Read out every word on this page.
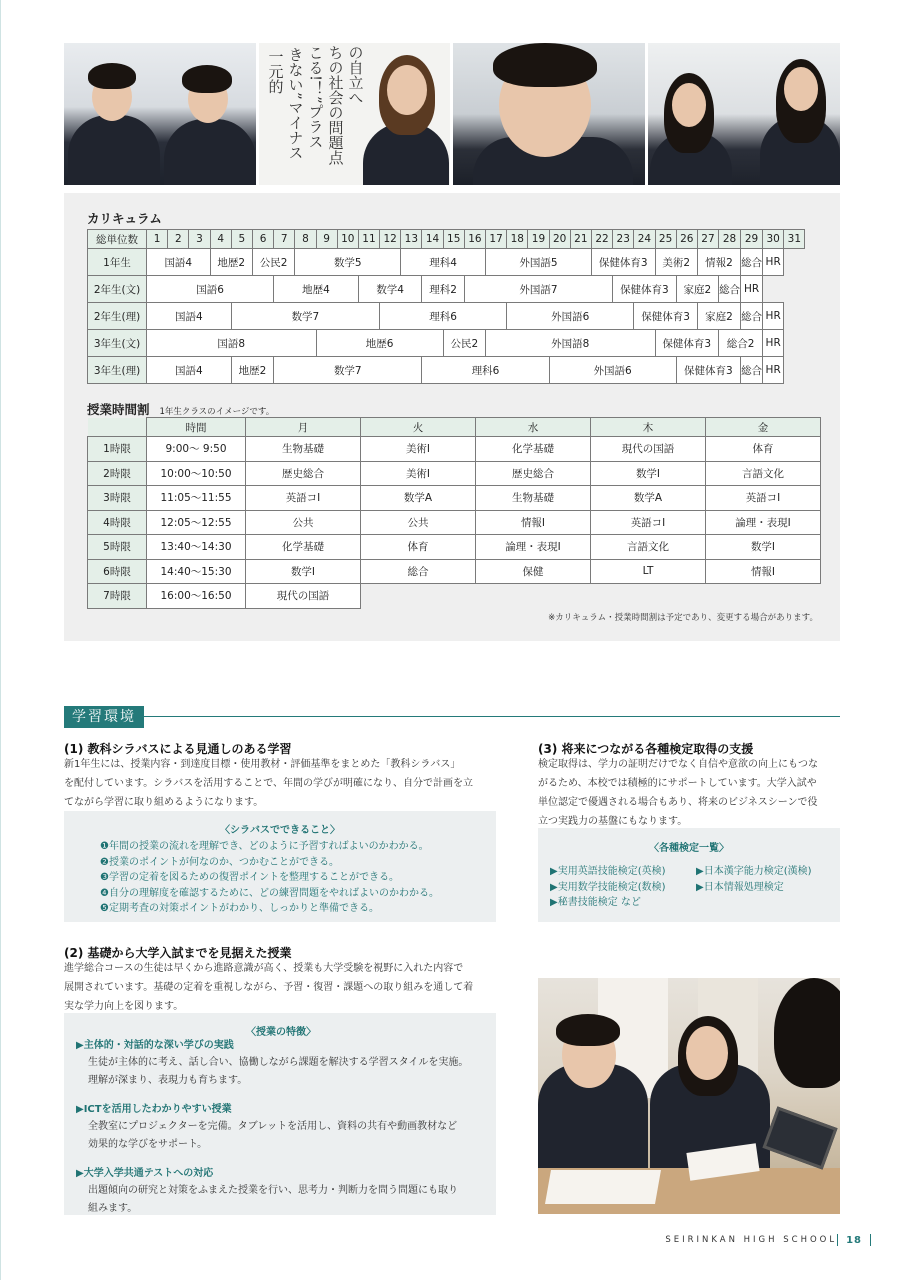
一元的 きない”マイナス こる!！”プラス ちの社会の問題点 の自立へ
カリキュラム
総単位数	1	2	3	4	5	6	7	8	9	10	11	12	13	14	15	16	17	18	19	20	21	22	23	24	25	26	27	28	29	30	31
1年生	国語4			地歴2		公民2		数学5					理科4				外国語5					保健体育3			美術2		情報2		総合	HR	
2年生(文)	国語6						地歴4				数学4			理科2		外国語7							保健体育3			家庭2		総合	HR		
2年生(理)	国語4				数学7							理科6						外国語6						保健体育3			家庭2		総合	HR	
3年生(文)	国語8								地歴6						公民2		外国語8								保健体育3			総合2		HR	
3年生(理)	国語4				地歴2		数学7							理科6						外国語6						保健体育3			総合	HR	
授業時間割 1年生クラスのイメージです。
	時間	月	火	水	木	金
1時限	9:00〜 9:50	生物基礎	美術Ⅰ	化学基礎	現代の国語	体育
2時限	10:00〜10:50	歴史総合	美術Ⅰ	歴史総合	数学Ⅰ	言語文化
3時限	11:05〜11:55	英語コⅠ	数学A	生物基礎	数学A	英語コⅠ
4時限	12:05〜12:55	公共	公共	情報Ⅰ	英語コⅠ	論理・表現Ⅰ
5時限	13:40〜14:30	化学基礎	体育	論理・表現Ⅰ	言語文化	数学Ⅰ
6時限	14:40〜15:30	数学Ⅰ	総合	保健	LT	情報Ⅰ
7時限	16:00〜16:50	現代の国語				
※カリキュラム・授業時間割は予定であり、変更する場合があります。
学習環境
(1) 教科シラバスによる見通しのある学習
新1年生には、授業内容・到達度目標・使用教材・評価基準をまとめた「教科シラバス」
を配付しています。シラバスを活用することで、年間の学びが明確になり、自分で計画を立
てながら学習に取り組めるようになります。
〈シラバスでできること〉
❶年間の授業の流れを理解でき、どのように予習すればよいのかわかる。
❷授業のポイントが何なのか、つかむことができる。
❸学習の定着を図るための復習ポイントを整理することができる。
❹自分の理解度を確認するために、どの練習問題をやればよいのかわかる。
❺定期考査の対策ポイントがわかり、しっかりと準備できる。
(2) 基礎から大学入試までを見据えた授業
進学総合コースの生徒は早くから進路意識が高く、授業も大学受験を視野に入れた内容で
展開されています。基礎の定着を重視しながら、予習・復習・課題への取り組みを通して着
実な学力向上を図ります。
〈授業の特徴〉
▶主体的・対話的な深い学びの実践
生徒が主体的に考え、話し合い、協働しながら課題を解決する学習スタイルを実施。
理解が深まり、表現力も育ちます。
▶ICTを活用したわかりやすい授業
全教室にプロジェクターを完備。タブレットを活用し、資料の共有や動画教材など
効果的な学びをサポート。
▶大学入学共通テストへの対応
出題傾向の研究と対策をふまえた授業を行い、思考力・判断力を問う問題にも取り
組みます。
(3) 将来につながる各種検定取得の支援
検定取得は、学力の証明だけでなく自信や意欲の向上にもつな
がるため、本校では積極的にサポートしています。大学入試や
単位認定で優遇される場合もあり、将来のビジネスシーンで役
立つ実践力の基盤にもなります。
〈各種検定一覧〉
▶実用英語技能検定(英検)
▶実用数学技能検定(数検)
▶秘書技能検定 など
▶日本漢字能力検定(漢検)
▶日本情報処理検定
SEIRINKAN HIGH SCHOOL 18
